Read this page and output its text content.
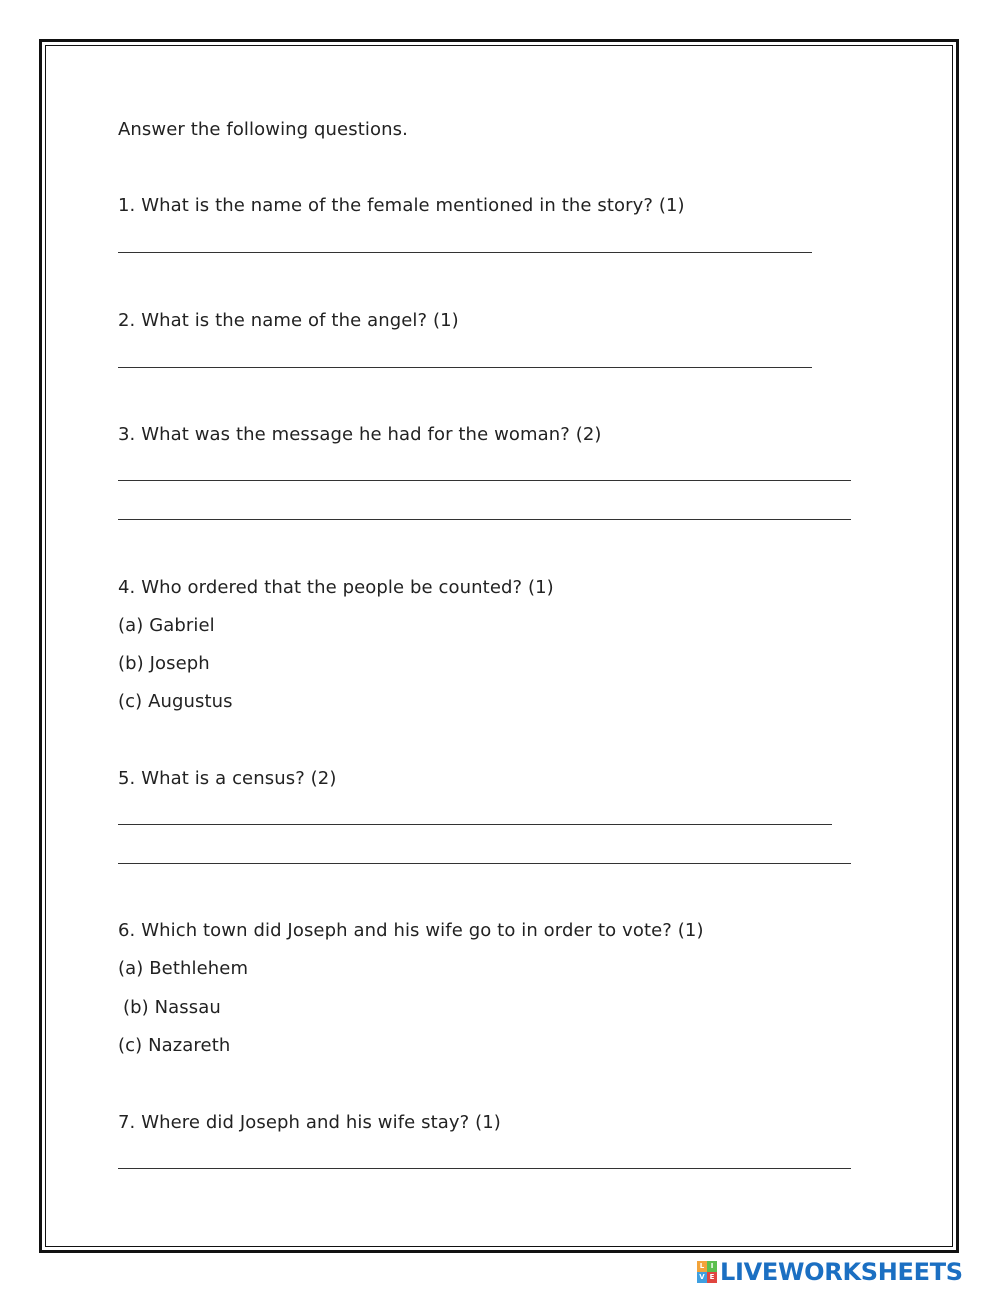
Answer the following questions.
1. What is the name of the female mentioned in the story? (1)
2. What is the name of the angel? (1)
3. What was the message he had for the woman? (2)
4. Who ordered that the people be counted? (1)
(a) Gabriel
(b) Joseph
(c) Augustus
5. What is a census? (2)
6. Which town did Joseph and his wife go to in order to vote? (1)
(a) Bethlehem
(b) Nassau
(c) Nazareth
7. Where did Joseph and his wife stay? (1)
L I
V E LIVEWORKSHEETS
